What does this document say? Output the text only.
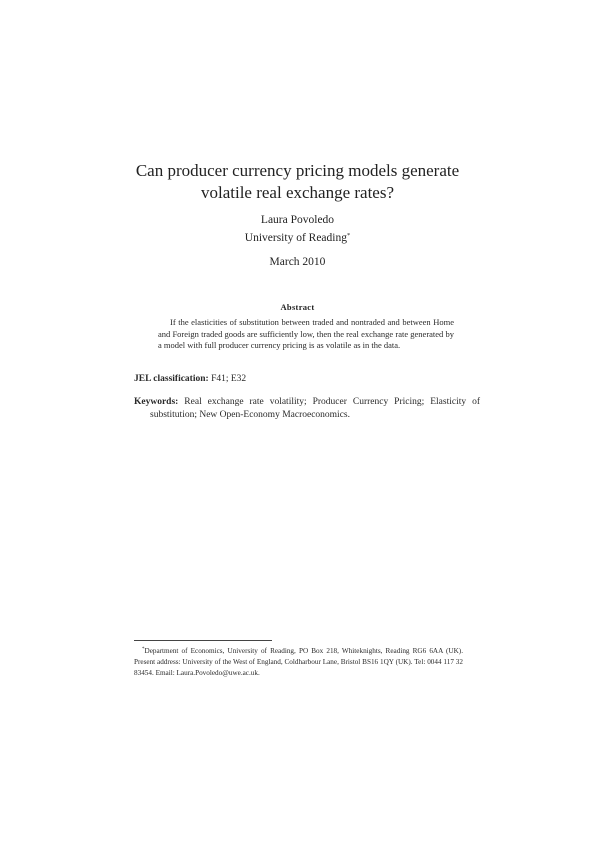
Can producer currency pricing models generate
volatile real exchange rates?
Laura Povoledo
University of Reading*
March 2010
Abstract
If the elasticities of substitution between traded and nontraded and between Home and Foreign traded goods are sufficiently low, then the real exchange rate generated by a model with full producer currency pricing is as volatile as in the data.
JEL classification: F41; E32
Keywords: Real exchange rate volatility; Producer Currency Pricing; Elasticity of substitution; New Open-Economy Macroeconomics.
*Department of Economics, University of Reading, PO Box 218, Whiteknights, Reading RG6 6AA (UK). Present address: University of the West of England, Coldharbour Lane, Bristol BS16 1QY (UK). Tel: 0044 117 32 83454. Email: Laura.Povoledo@uwe.ac.uk.
